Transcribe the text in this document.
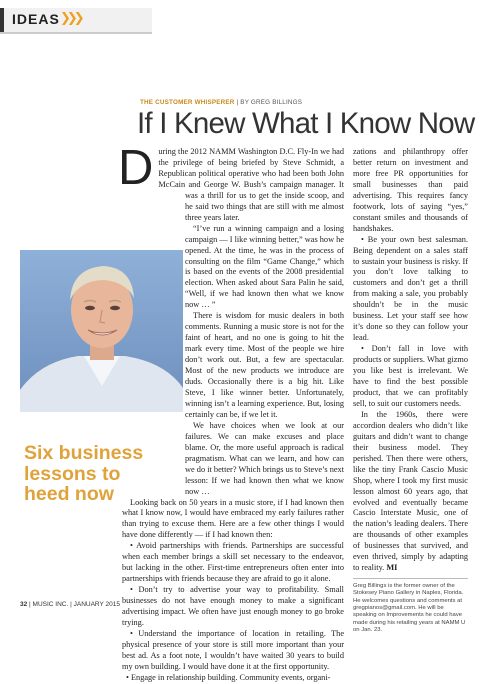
IDEAS ❯❯❯
THE CUSTOMER WHISPERER | BY GREG BILLINGS
If I Knew What I Know Now
Six business lessons to heed now
D uring the 2012 NAMM Washington D.C. Fly-In we had the privilege of being briefed by Steve Schmidt, a Republican political operative who had been both John McCain and George W. Bush’s campaign manager. It was a thrill for us to get the inside scoop, and he said two things that are still with me almost three years later.

“I’ve run a winning campaign and a losing campaign — I like winning better,” was how he opened. At the time, he was in the process of consulting on the film “Game Change,” which is based on the events of the 2008 presidential election. When asked about Sara Palin he said, “Well, if we had known then what we know now … ”

There is wisdom for music dealers in both comments. Running a music store is not for the faint of heart, and no one is going to hit the mark every time. Most of the people we hire don’t work out. But, a few are spectacular. Most of the new products we introduce are duds. Occasionally there is a big hit. Like Steve, I like winner better. Unfortunately, winning isn’t a learning experience. But, losing certainly can be, if we let it.

We have choices when we look at our failures. We can make excuses and place blame. Or, the more useful approach is radical pragmatism. What can we learn, and how can we do it better? Which brings us to Steve’s next lesson: If we had known then what we know now …

Looking back on 50 years in a music store, if I had known then what I know now, I would have embraced my early failures rather than trying to excuse them. Here are a few other things I would have done differently — if I had known then:

• Avoid partnerships with friends. Partnerships are successful when each member brings a skill set necessary to the endeavor, but lacking in the other. First-time entrepreneurs often enter into partnerships with friends because they are afraid to go it alone.

• Don’t try to advertise your way to profitability. Small businesses do not have enough money to make a significant advertising impact. We often have just enough money to go broke trying.

• Understand the importance of location in retailing. The physical presence of your store is still more important than your best ad. As a foot note, I wouldn’t have waited 30 years to build my own building. I would have done it at the first opportunity.

• Engage in relationship building. Community events, organi-

zations and philanthropy offer better return on investment and more free PR opportunities for small businesses than paid advertising. This requires fancy footwork, lots of saying “yes,” constant smiles and thousands of handshakes.

• Be your own best salesman. Being dependent on a sales staff to sustain your business is risky. If you don’t love talking to customers and don’t get a thrill from making a sale, you probably shouldn’t be in the music business. Let your staff see how it’s done so they can follow your lead.

• Don’t fall in love with products or suppliers. What gizmo you like best is irrelevant. We have to find the best possible product, that we can profitably sell, to suit our customers needs.

In the 1960s, there were accordion dealers who didn’t like guitars and didn’t want to change their business model. They perished. Then there were others, like the tiny Frank Cascio Music Shop, where I took my first music lesson almost 60 years ago, that evolved and eventually became Cascio Interstate Music, one of the nation’s leading dealers. There are thousands of other examples of businesses that survived, and even thrived, simply by adapting to reality. MI

Greg Billings is the former owner of the Stokesey Piano Gallery in Naples, Florida. He welcomes questions and comments at gregpianos@gmail.com. He will be speaking on Improvements he could have made during his retailing years at NAMM U on Jan. 23.
32 | MUSIC INC. | JANUARY 2015
